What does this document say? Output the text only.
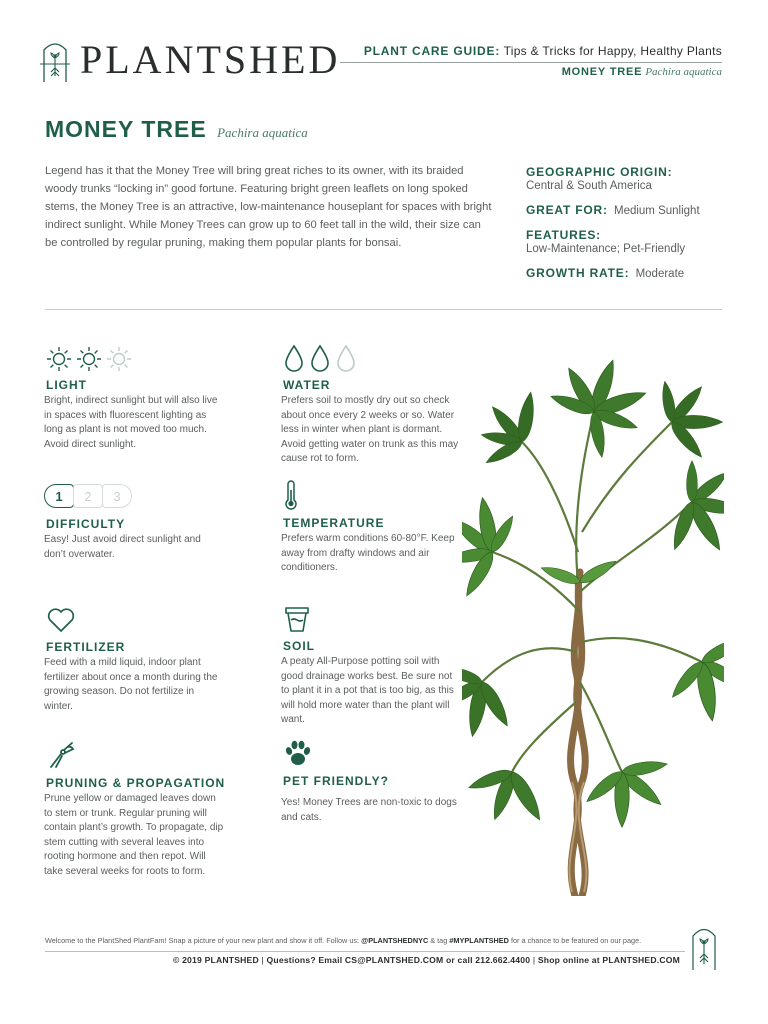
PLANTSHED PLANT CARE GUIDE: Tips & Tricks for Happy, Healthy Plants
MONEY TREE Pachira aquatica
MONEY TREE Pachira aquatica
Legend has it that the Money Tree will bring great riches to its owner, with its braided woody trunks “locking in” good fortune. Featuring bright green leaflets on long spoked stems, the Money Tree is an attractive, low-maintenance houseplant for spaces with bright indirect sunlight. While Money Trees can grow up to 60 feet tall in the wild, their size can be controlled by regular pruning, making them popular plants for bonsai.
GEOGRAPHIC ORIGIN:
Central & South America
GREAT FOR: Medium Sunlight
FEATURES:
Low-Maintenance; Pet-Friendly
GROWTH RATE: Moderate
LIGHT
Bright, indirect sunlight but will also live in spaces with fluorescent lighting as long as plant is not moved too much. Avoid direct sunlight.
WATER
Prefers soil to mostly dry out so check about once every 2 weeks or so. Water less in winter when plant is dormant. Avoid getting water on trunk as this may cause rot to form.
1	2	3
DIFFICULTY
Easy! Just avoid direct sunlight and don’t overwater.
TEMPERATURE
Prefers warm conditions 60-80°F. Keep away from drafty windows and air conditioners.
FERTILIZER
Feed with a mild liquid, indoor plant fertilizer about once a month during the growing season. Do not fertilize in winter.
SOIL
A peaty All-Purpose potting soil with good drainage works best. Be sure not to plant it in a pot that is too big, as this will hold more water than the plant will want.
PRUNING & PROPAGATION
Prune yellow or damaged leaves down to stem or trunk. Regular pruning will contain plant’s growth. To propagate, dip stem cutting with several leaves into rooting hormone and then repot. Will take several weeks for roots to form.
PET FRIENDLY?
Yes! Money Trees are non-toxic to dogs and cats.
Welcome to the PlantShed PlantFam! Snap a picture of your new plant and show it off. Follow us: @PLANTSHEDNYC & tag #MYPLANTSHED for a chance to be featured on our page.
© 2019 PLANTSHED | Questions? Email CS@PLANTSHED.COM or call 212.662.4400 | Shop online at PLANTSHED.COM
